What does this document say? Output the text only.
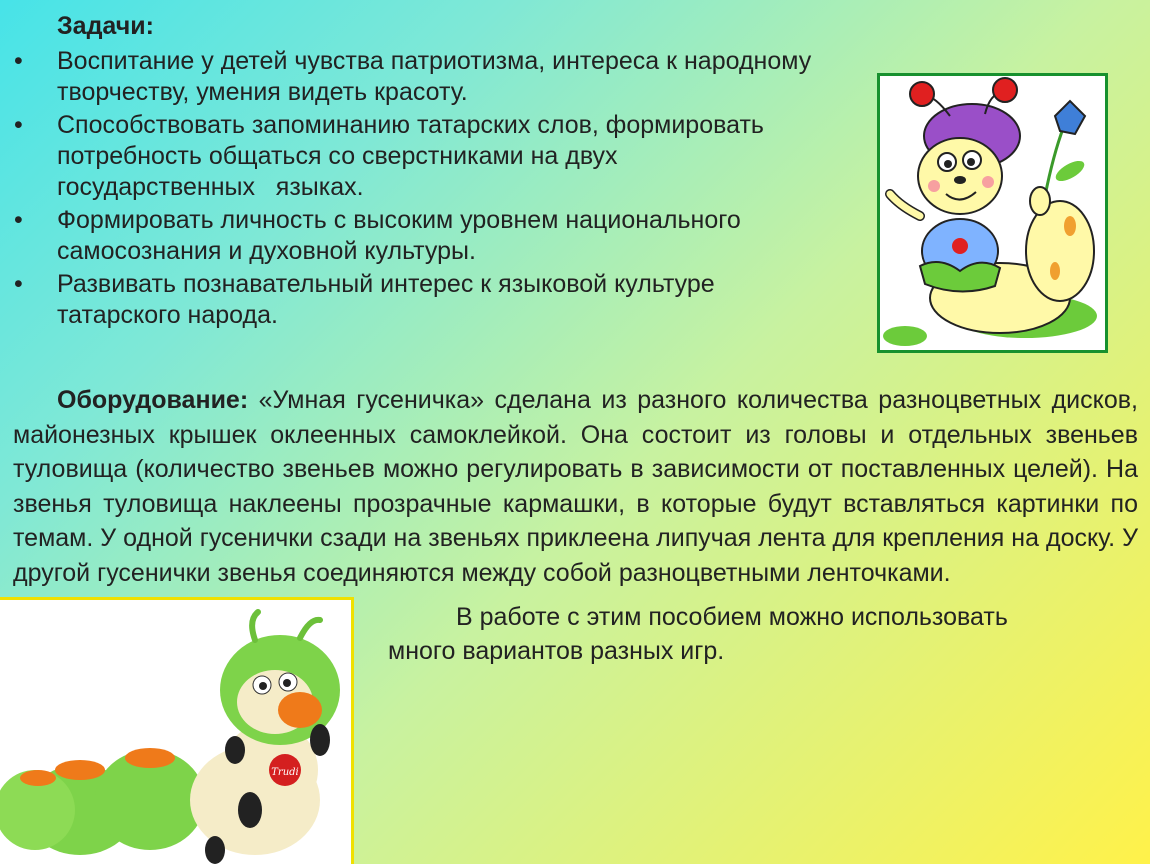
Задачи:
• Воспитание у детей чувства патриотизма, интереса к народному
творчеству, умения видеть красоту.
• Способствовать запоминанию татарских слов, формировать
потребность общаться со сверстниками на двух
государственных   языках.
• Формировать личность с высоким уровнем национального
самосознания и духовной культуры.
• Развивать познавательный интерес к языковой культуре
татарского народа.

Оборудование: «Умная гусеничка» сделана из разного количества разноцветных дисков, майонезных крышек оклеенных самоклейкой. Она состоит из головы и отдельных звеньев туловища (количество звеньев можно регулировать в зависимости от поставленных целей). На звенья туловища наклеены прозрачные кармашки, в которые будут вставляться картинки по темам. У одной гусенички сзади на звеньях приклеена липучая лента для крепления на доску. У другой гусенички звенья соединяются между собой разноцветными ленточками.

В работе с этим пособием можно использовать
много вариантов разных игр.
Trudi
